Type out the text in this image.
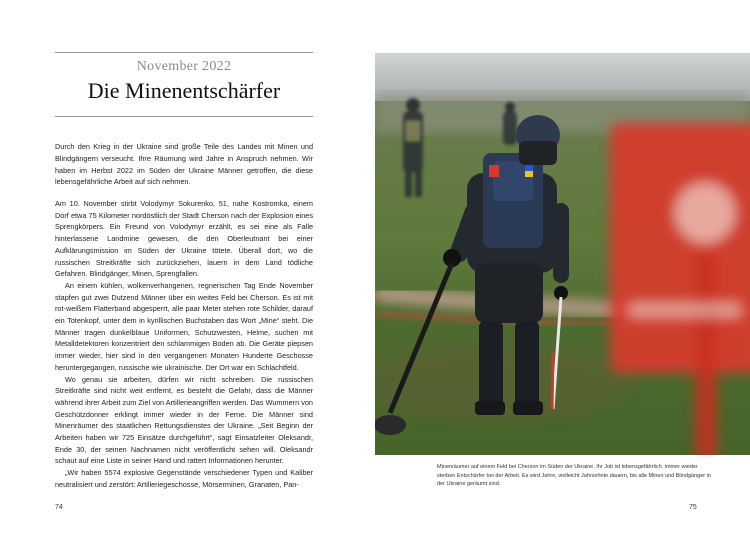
November 2022
Die Minenentschärfer

Durch den Krieg in der Ukraine sind große Teile des Landes mit Minen und Blindgängern verseucht. Ihre Räumung wird Jahre in Anspruch nehmen. Wir haben im Herbst 2022 im Süden der Ukraine Männer getroffen, die diese lebensgefährliche Arbeit auf sich nehmen.

Am 10. November stirbt Volodymyr Sokurenko, 51, nahe Kostromka, einem Dorf etwa 75 Kilometer nordöstlich der Stadt Cherson nach der Explosion eines Sprengkörpers. Ein Freund von Volodymyr erzählt, es sei eine als Falle hinterlassene Landmine gewesen, die den Oberleutnant bei einer Aufklärungsmission im Süden der Ukraine tötete. Überall dort, wo die russischen Streitkräfte sich zurückziehen, lauern in dem Land tödliche Gefahren. Blindgänger, Minen, Sprengfallen.

An einem kühlen, wolkenverhangenen, regnerischen Tag Ende November stapfen gut zwei Dutzend Männer über ein weites Feld bei Cherson. Es ist mit rot-weißem Flatterband abgesperrt, alle paar Meter stehen rote Schilder, darauf ein Totenkopf, unter dem in kyrillischen Buchstaben das Wort „Mine“ steht. Die Männer tragen dunkelblaue Uniformen, Schutzwesten, Helme, suchen mit Metalldetektoren konzentriert den schlammigen Boden ab. Die Geräte piepsen immer wieder, hier sind in den vergangenen Monaten Hunderte Geschosse heruntergegangen, russische wie ukrainische. Der Ort war ein Schlachtfeld.

Wo genau sie arbeiten, dürfen wir nicht schreiben. Die russischen Streitkräfte sind nicht weit entfernt, es besteht die Gefahr, dass die Männer während ihrer Arbeit zum Ziel von Artillerieangriffen werden. Das Wummern von Geschützdonner erklingt immer wieder in der Ferne. Die Männer sind Minenräumer des staatlichen Rettungsdienstes der Ukraine. „Seit Beginn der Arbeiten haben wir 725 Einsätze durchgeführt“, sagt Einsatzleiter Oleksandr, Ende 30, der seinen Nachnamen nicht veröffentlicht sehen will. Oleksandr schaut auf eine Liste in seiner Hand und rattert Informationen herunter.

„Wir haben 5574 explosive Gegenstände verschiedener Typen und Kaliber neutralisiert und zerstört: Artilleriegeschosse, Mörserminen, Granaten, Pan-

74

Minenräumer auf einem Feld bei Cherson im Süden der Ukraine. Ihr Job ist lebensgefährlich, immer wieder sterben Entschärfer bei der Arbeit. Es wird Jahre, vielleicht Jahrzehnte dauern, bis alle Minen und Blindgänger in der Ukraine geräumt sind.

75
